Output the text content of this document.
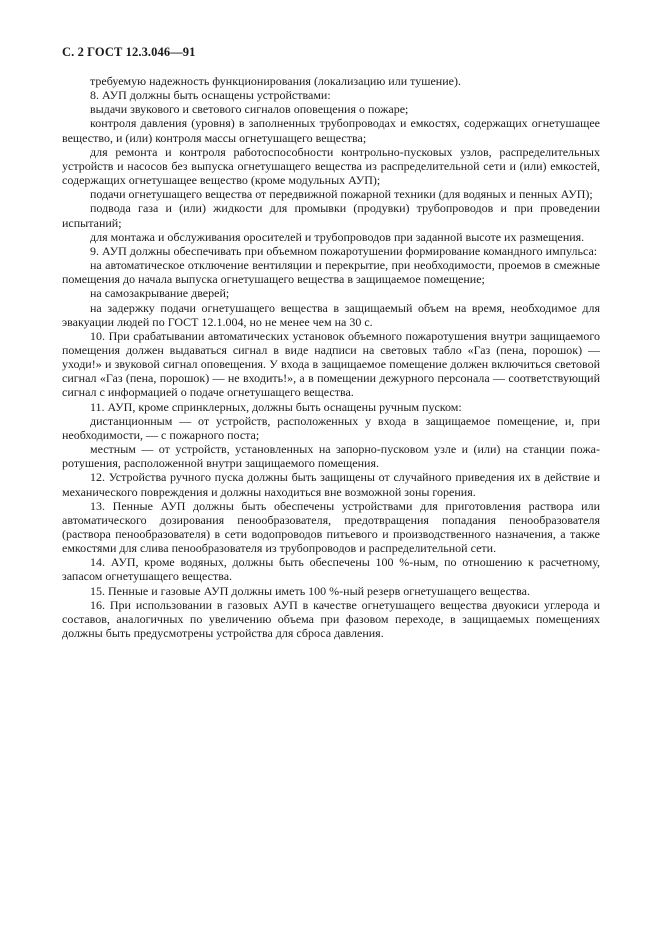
С. 2 ГОСТ 12.3.046—91

требуемую надежность функционирования (локализацию или тушение).

8. АУП должны быть оснащены устройствами:

выдачи звукового и светового сигналов оповещения о пожаре;

контроля давления (уровня) в заполненных трубопроводах и емкостях, содержащих огнетушащее вещество, и (или) контроля массы огнетушащего вещества;

для ремонта и контроля работоспособности контрольно-пусковых узлов, распределительных устройств и насосов без выпуска огнетушащего вещества из распределительной сети и (или) емкостей, содержащих огнетушащее вещество (кроме модульных АУП);

подачи огнетушащего вещества от передвижной пожарной техники (для водяных и пенных АУП);

подвода газа и (или) жидкости для промывки (продувки) трубопроводов и при проведении испытаний;

для монтажа и обслуживания оросителей и трубопроводов при заданной высоте их размещения.

9. АУП должны обеспечивать при объемном пожаротушении формирование командного импульса:

на автоматическое отключение вентиляции и перекрытие, при необходимости, проемов в смежные помещения до начала выпуска огнетушащего вещества в защищаемое помещение;

на самозакрывание дверей;

на задержку подачи огнетушащего вещества в защищаемый объем на время, необходимое для эвакуации людей по ГОСТ 12.1.004, но не менее чем на 30 с.

10. При срабатывании автоматических установок объемного пожаротушения внутри защищаемого помещения должен выдаваться сигнал в виде надписи на световых табло «Газ (пена, порошок) — уходи!» и звуковой сигнал оповещения. У входа в защищаемое помещение должен включиться световой сигнал «Газ (пена, порошок) — не входить!», а в помещении дежурного персонала — соответствующий сигнал с информацией о подаче огнетушащего вещества.

11. АУП, кроме спринклерных, должны быть оснащены ручным пуском:

дистанционным — от устройств, расположенных у входа в защищаемое помещение, и, при необходимости, — с пожарного поста;

местным — от устройств, установленных на запорно-пусковом узле и (или) на станции пожаротушения, расположенной внутри защищаемого помещения.

12. Устройства ручного пуска должны быть защищены от случайного приведения их в действие и механического повреждения и должны находиться вне возможной зоны горения.

13. Пенные АУП должны быть обеспечены устройствами для приготовления раствора или автоматического дозирования пенообразователя, предотвращения попадания пенообразователя (раствора пенообразователя) в сети водопроводов питьевого и производственного назначения, а также емкостями для слива пенообразователя из трубопроводов и распределительной сети.

14. АУП, кроме водяных, должны быть обеспечены 100 %-ным, по отношению к расчетному, запасом огнетушащего вещества.

15. Пенные и газовые АУП должны иметь 100 %-ный резерв огнетушащего вещества.

16. При использовании в газовых АУП в качестве огнетушащего вещества двуокиси углерода и составов, аналогичных по увеличению объема при фазовом переходе, в защищаемых помещениях должны быть предусмотрены устройства для сброса давления.
